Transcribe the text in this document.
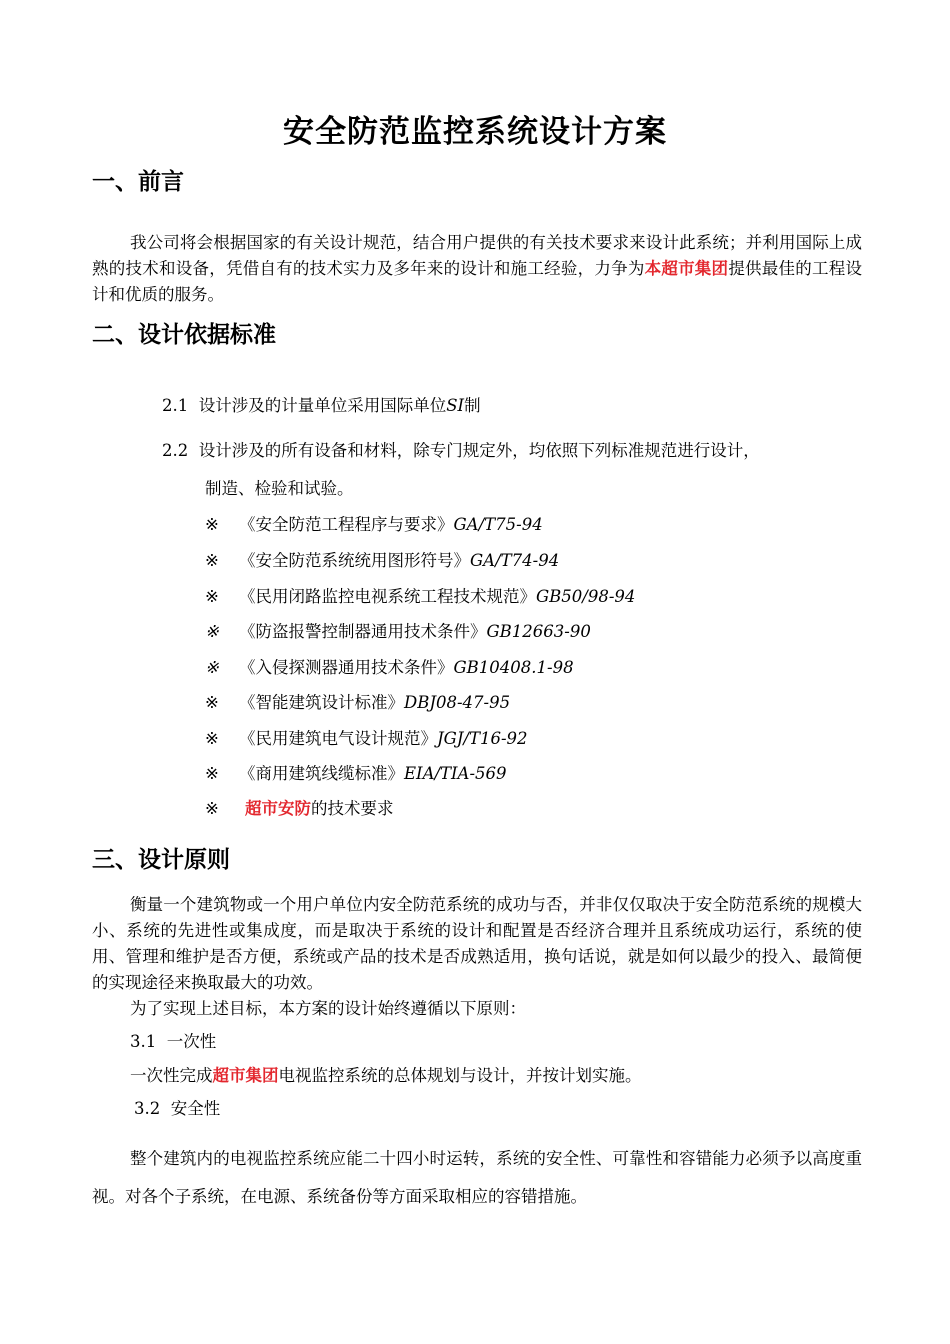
安全防范监控系统设计方案
一、前言
我公司将会根据国家的有关设计规范，结合用户提供的有关技术要求来设计此系统；并利用国际上成熟的技术和设备，凭借自有的技术实力及多年来的设计和施工经验，力争为本超市集团提供最佳的工程设计和优质的服务。
二、设计依据标准
2.1 设计涉及的计量单位采用国际单位SI制
2.2 设计涉及的所有设备和材料，除专门规定外，均依照下列标准规范进行设计，
制造、检验和试验。
※ 《安全防范工程程序与要求》GA/T75-94
※ 《安全防范系统统用图形符号》GA/T74-94
※ 《民用闭路监控电视系统工程技术规范》GB50/98-94
※ 《防盗报警控制器通用技术条件》GB12663-90
※ 《入侵探测器通用技术条件》GB10408.1-98
※ 《智能建筑设计标准》DBJ08-47-95
※ 《民用建筑电气设计规范》JGJ/T16-92
※ 《商用建筑线缆标准》EIA/TIA-569
※ 超市安防的技术要求
三、设计原则
衡量一个建筑物或一个用户单位内安全防范系统的成功与否，并非仅仅取决于安全防范系统的规模大小、系统的先进性或集成度，而是取决于系统的设计和配置是否经济合理并且系统成功运行，系统的使用、管理和维护是否方便，系统或产品的技术是否成熟适用，换句话说，就是如何以最少的投入、最简便的实现途径来换取最大的功效。
为了实现上述目标，本方案的设计始终遵循以下原则：
3.1 一次性
一次性完成超市集团电视监控系统的总体规划与设计，并按计划实施。
3.2 安全性
整个建筑内的电视监控系统应能二十四小时运转，系统的安全性、可靠性和容错能力必须予以高度重视。对各个子系统，在电源、系统备份等方面采取相应的容错措施。
